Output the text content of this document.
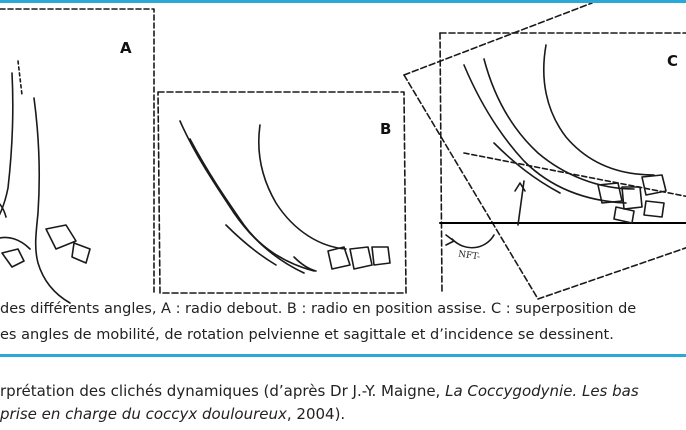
A
B
C
NFT-
des différents angles, A : radio debout. B : radio en position assise. C : superposition de
es angles de mobilité, de rotation pelvienne et sagittale et d’incidence se dessinent.
rprétation des clichés dynamiques (d’après Dr J.-Y. Maigne, La Coccygodynie. Les bas
prise en charge du coccyx douloureux, 2004).
